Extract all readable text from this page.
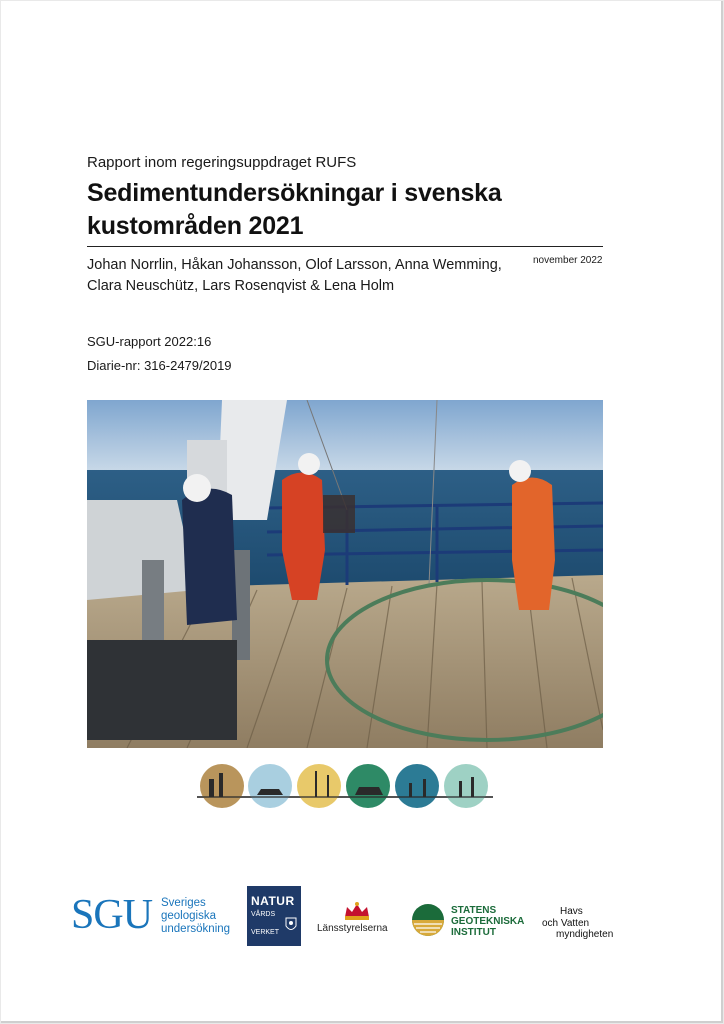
Rapport inom regeringsuppdraget RUFS
Sedimentundersökningar i svenska
kustområden 2021
Johan Norrlin, Håkan Johansson, Olof Larsson, Anna Wemming,
Clara Neuschütz, Lars Rosenqvist & Lena Holm
november 2022
SGU-rapport 2022:16
Diarie-nr: 316-2479/2019
SGU Sveriges
geologiska
undersökning
NATUR
VÅRDS
VERKET	Länsstyrelserna
STATENS
GEOTEKNISKA
INSTITUT
Havs
och Vatten
myndigheten
